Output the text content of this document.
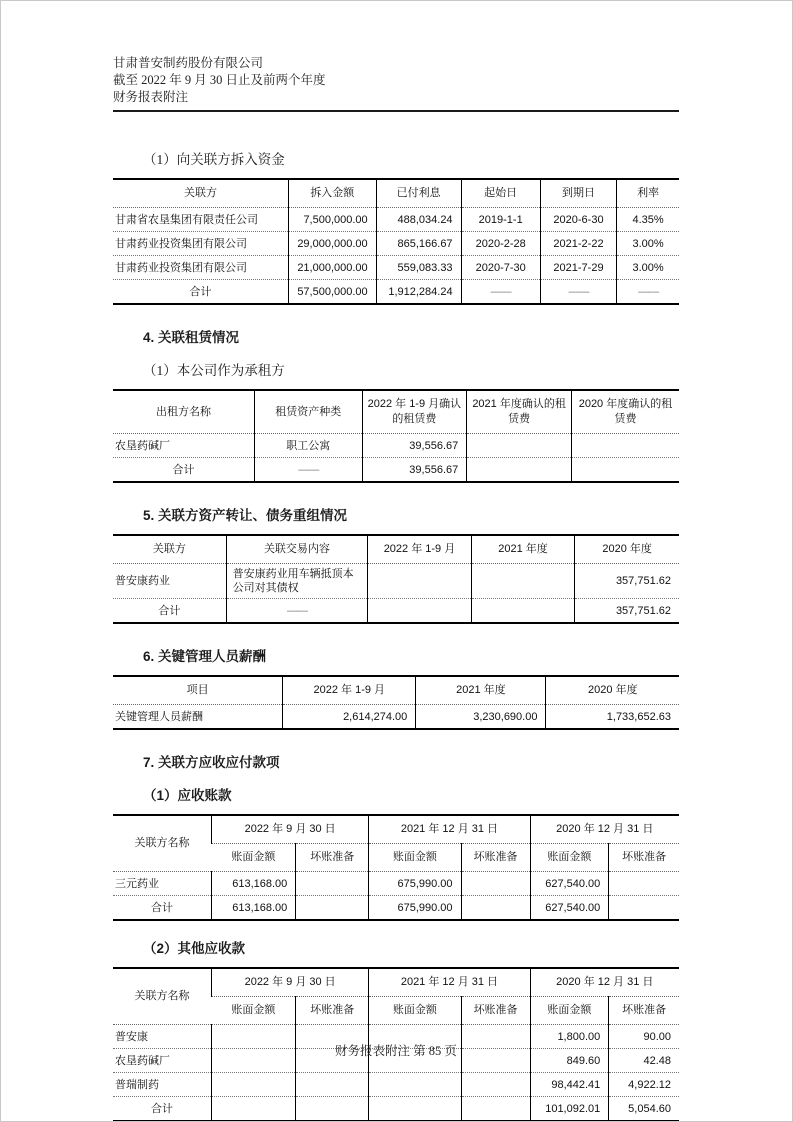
甘肃普安制药股份有限公司
截至 2022 年 9 月 30 日止及前两个年度
财务报表附注

（1）向关联方拆入资金

关联方	拆入金额	已付利息	起始日	到期日	利率
甘肃省农垦集团有限责任公司	7,500,000.00	488,034.24	2019-1-1	2020-6-30	4.35%
甘肃药业投资集团有限公司	29,000,000.00	865,166.67	2020-2-28	2021-2-22	3.00%
甘肃药业投资集团有限公司	21,000,000.00	559,083.33	2020-7-30	2021-7-29	3.00%
合计	57,500,000.00	1,912,284.24	——	——	——

4. 关联租赁情况

（1）本公司作为承租方

出租方名称	租赁资产种类	2022 年 1-9 月确认的租赁费	2021 年度确认的租赁费	2020 年度确认的租赁费
农垦药碱厂	职工公寓	39,556.67		
合计	——	39,556.67		

5. 关联方资产转让、债务重组情况

关联方	关联交易内容	2022 年 1-9 月	2021 年度	2020 年度
普安康药业	普安康药业用车辆抵顶本公司对其债权			357,751.62
合计	——			357,751.62

6. 关键管理人员薪酬

项目	2022 年 1-9 月	2021 年度	2020 年度
关键管理人员薪酬	2,614,274.00	3,230,690.00	1,733,652.63

7. 关联方应收应付款项

（1）应收账款

关联方名称	2022 年 9 月 30 日		2021 年 12 月 31 日		2020 年 12 月 31 日	
	账面金额	坏账准备	账面金额	坏账准备	账面金额	坏账准备
三元药业	613,168.00		675,990.00		627,540.00	
合计	613,168.00		675,990.00		627,540.00	

（2）其他应收款

关联方名称	2022 年 9 月 30 日		2021 年 12 月 31 日		2020 年 12 月 31 日	
	账面金额	坏账准备	账面金额	坏账准备	账面金额	坏账准备
普安康					1,800.00	90.00
农垦药碱厂					849.60	42.48
普瑞制药					98,442.41	4,922.12
合计					101,092.01	5,054.60
财务报表附注 第 85 页
